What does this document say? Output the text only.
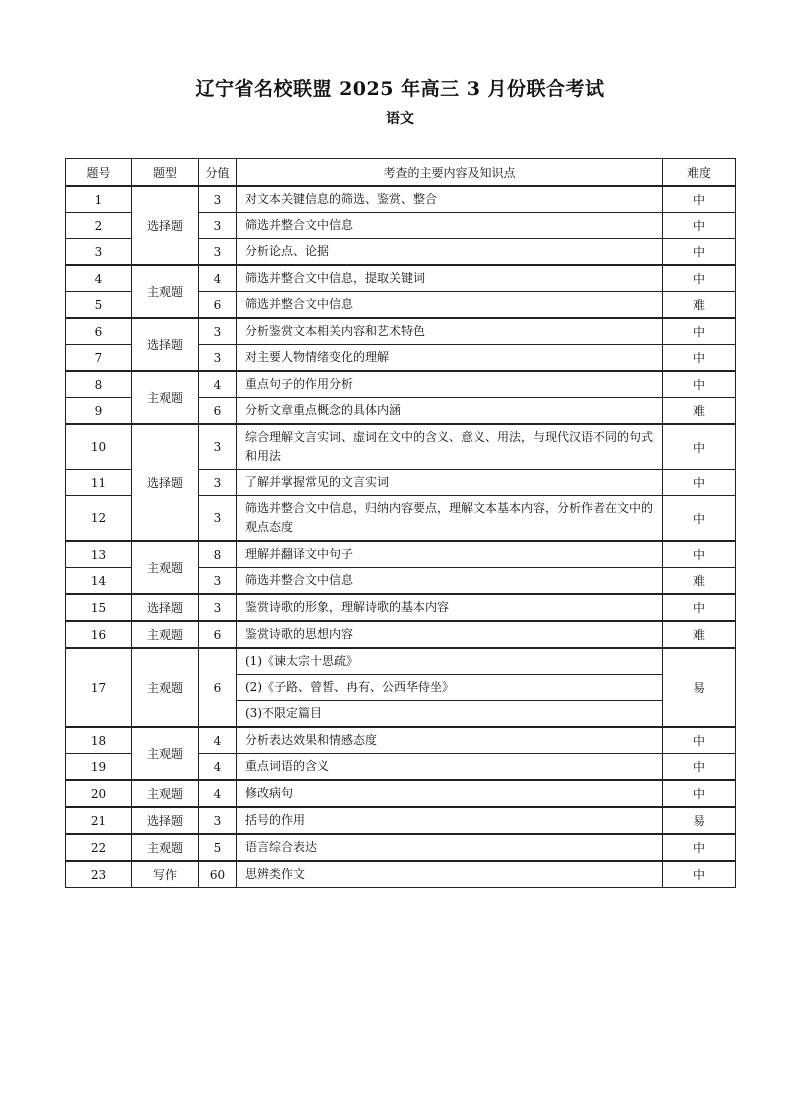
辽宁省名校联盟 2025 年高三 3 月份联合考试
语文
题号	题型	分值	考查的主要内容及知识点	难度
1	选择题	3	对文本关键信息的筛选、鉴赏、整合	中
2		3	筛选并整合文中信息	中
3		3	分析论点、论据	中
4	主观题	4	筛选并整合文中信息，提取关键词	中
5		6	筛选并整合文中信息	难
6	选择题	3	分析鉴赏文本相关内容和艺术特色	中
7		3	对主要人物情绪变化的理解	中
8	主观题	4	重点句子的作用分析	中
9		6	分析文章重点概念的具体内涵	难
10	选择题	3	综合理解文言实词、虚词在文中的含义、意义、用法，与现代汉语不同的句式和用法	中
11		3	了解并掌握常见的文言实词	中
12		3	筛选并整合文中信息，归纳内容要点，理解文本基本内容，分析作者在文中的观点态度	中
13	主观题	8	理解并翻译文中句子	中
14		3	筛选并整合文中信息	难
15	选择题	3	鉴赏诗歌的形象，理解诗歌的基本内容	中
16	主观题	6	鉴赏诗歌的思想内容	难
17	主观题	6	(1)《谏太宗十思疏》	易
			(2)《子路、曾皙、冉有、公西华侍坐》	
			(3)不限定篇目	
18	主观题	4	分析表达效果和情感态度	中
19		4	重点词语的含义	中
20	主观题	4	修改病句	中
21	选择题	3	括号的作用	易
22	主观题	5	语言综合表达	中
23	写作	60	思辨类作文	中
